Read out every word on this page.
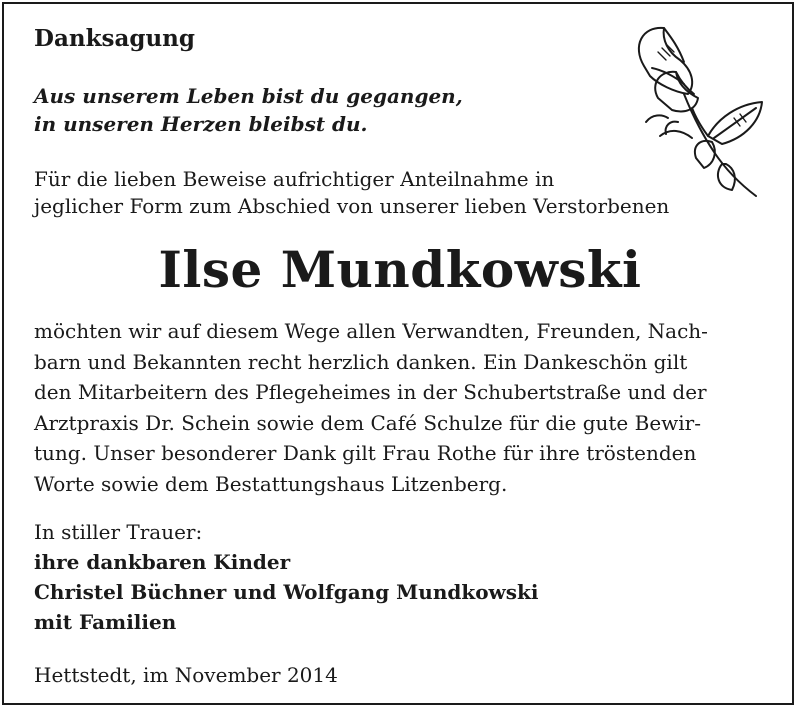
Danksagung
Aus unserem Leben bist du gegangen,
in unseren Herzen bleibst du.
Für die lieben Beweise aufrichtiger Anteilnahme in
jeglicher Form zum Abschied von unserer lieben Verstorbenen
Ilse Mundkowski
möchten wir auf diesem Wege allen Verwandten, Freunden, Nach-
barn und Bekannten recht herzlich danken. Ein Dankeschön gilt
den Mitarbeitern des Pflegeheimes in der Schubertstraße und der
Arztpraxis Dr. Schein sowie dem Café Schulze für die gute Bewir-
tung. Unser besonderer Dank gilt Frau Rothe für ihre tröstenden
Worte sowie dem Bestattungshaus Litzenberg.
In stiller Trauer:
ihre dankbaren Kinder
Christel Büchner und Wolfgang Mundkowski
mit Familien
Hettstedt, im November 2014
